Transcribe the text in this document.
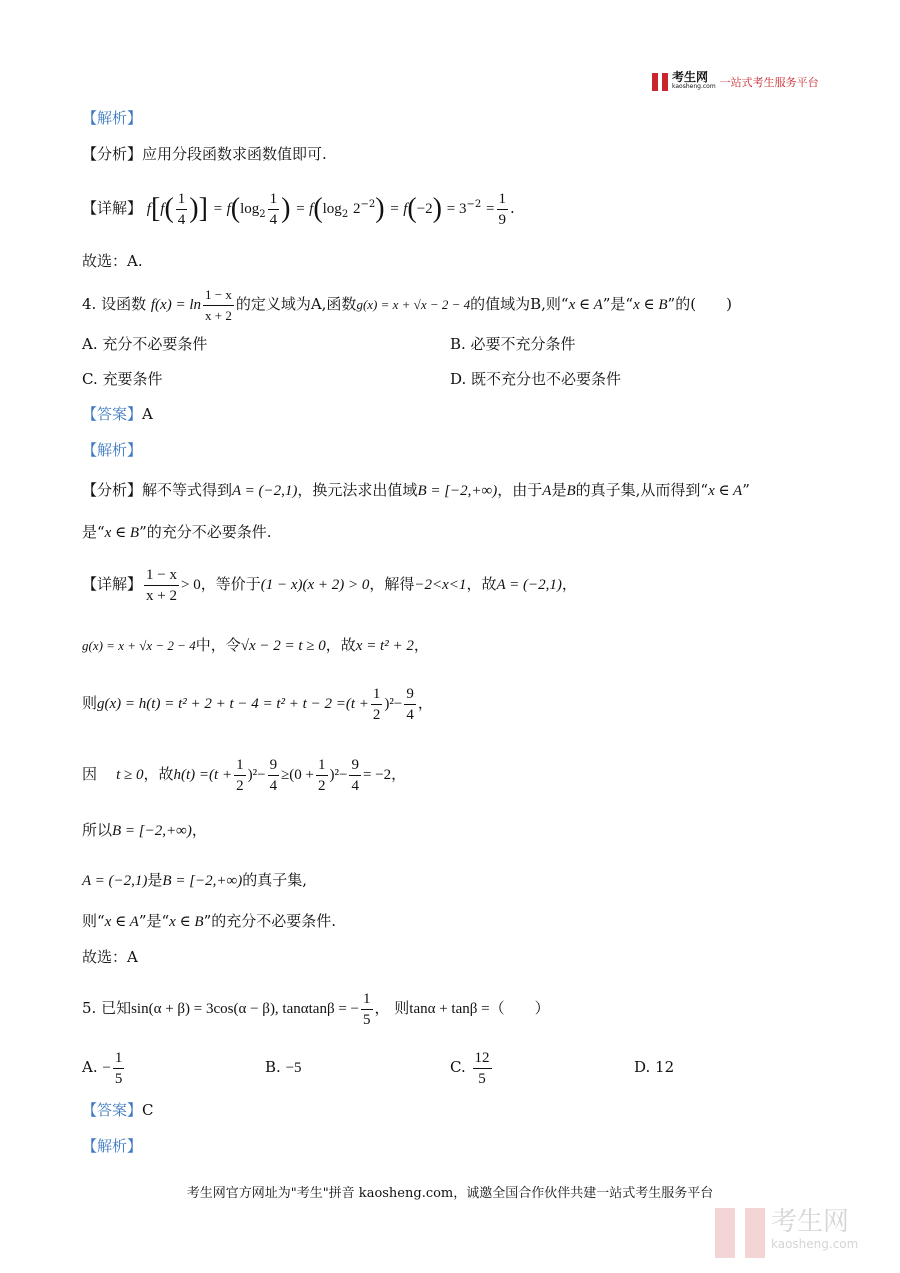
考生网
kaosheng.com 一站式考生服务平台
【解析】
【分析】应用分段函数求函数值即可.
【详解】 $f[f( \frac{1}{4}$ )] = $f(\log_2 \frac{1}{4}$ ) = $f(\log_2$ $2^{-2}) = f(-2) = 3^{-2} = \frac{1}{9}$ .
故选：A.
4. 设函数 $f(x) = \ln \frac{1 - x}{x + 2}$ 的定义域为A,函数g(x) = x + √x − 2 − 4的值域为B,则“x ∈ A”是“x ∈ B”的(　　)
A. 充分不必要条件	B. 必要不充分条件
C. 充要条件	D. 既不充分也不必要条件
【答案】A
【解析】
【分析】解不等式得到A = (−2,1)，换元法求出值域B = [−2,+∞)，由于A是B的真子集,从而得到“x ∈ A”
是“x ∈ B”的充分不必要条件.
【详解】 $\frac{1 - x}{x + 2} > 0$，等价于(1 − x)(x + 2) > 0，解得−2<x<1，故A = (−2,1)，
g(x) = x + √x − 2 − 4中，令√x − 2 = t ≥ 0，故x = t² + 2，
则$g(x) = h(t) = t^2 + 2 + t - 4 = t^2 + t - 2 =(t + \frac{1}{2} )^2- \frac{9}{4}$ ，
因 t ≥ 0，故$h(t) =(t + \frac{1}{2} )^2- \frac{9}{4} \ge(0 + \frac{1}{2} )^2- \frac{9}{4} = -2$，
所以B = [−2,+∞)，
A = (−2,1)是B = [−2,+∞)的真子集,
则“x ∈ A”是“x ∈ B”的充分不必要条件.
故选：A
5. 已知sin(α + β) = 3cos(α − β), tanαtanβ = − $\frac{1}{5}$ ， 则tanα + tanβ =（　　）
A. − $\frac{1}{5}$	B. −5	C. $\frac{12}{5}$	D. 12
【答案】C
【解析】
考生网官方网址为"考生"拼音 kaosheng.com，诚邀全国合作伙伴共建一站式考生服务平台
考生网
kaosheng.com
